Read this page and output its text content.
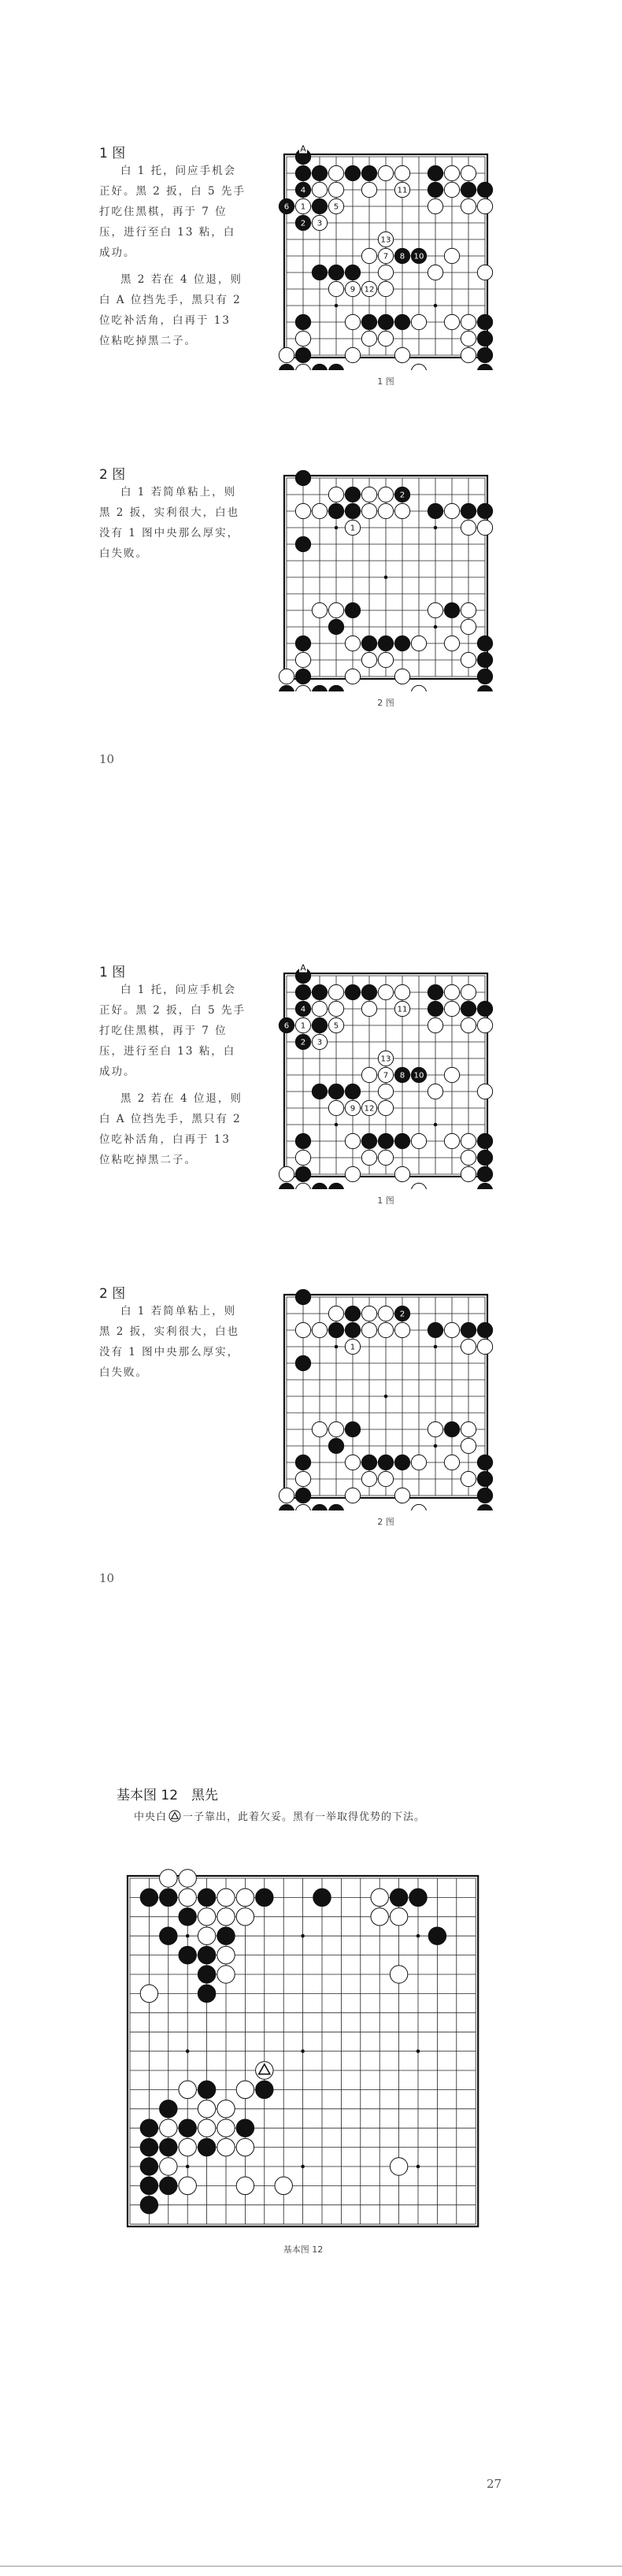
1 图

白 1 托，问应手机会正好。黑 2 扳，白 5 先手打吃住黑棋，再于 7 位压，进行至白 13 粘，白成功。

黑 2 若在 4 位退，则白 A 位挡先手，黑只有 2 位吃补活角，白再于 13 位粘吃掉黑二子。

4	11
6 1	5
2 3
13
7 8 10
9 12
A
1 图
2 图

白 1 若简单粘上，则黑 2 扳，实利很大，白也没有 1 图中央那么厚实，白失败。

2
1
2 图
10
1 图

白 1 托，问应手机会正好。黑 2 扳，白 5 先手打吃住黑棋，再于 7 位压，进行至白 13 粘，白成功。

黑 2 若在 4 位退，则白 A 位挡先手，黑只有 2 位吃补活角，白再于 13 位粘吃掉黑二子。

4	11
6 1	5
2 3
13
7 8 10
9 12
A
1 图
2 图

白 1 若简单粘上，则黑 2 扳，实利很大，白也没有 1 图中央那么厚实，白失败。

2
1
2 图
10
基本图 12　黑先
中央白 一子靠出，此着欠妥。黑有一举取得优势的下法。
基本图 12
27
